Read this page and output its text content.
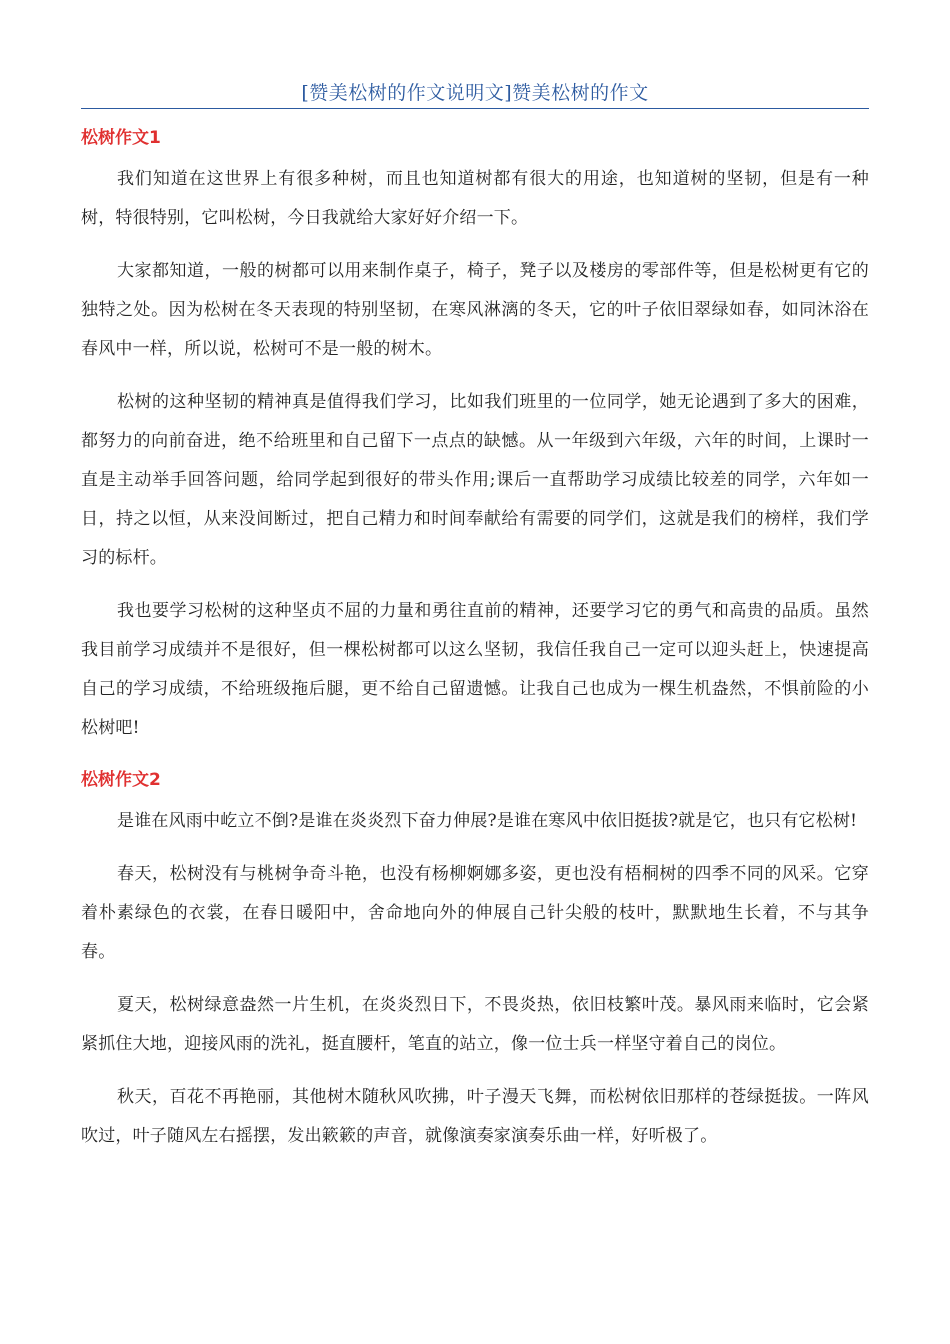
[赞美松树的作文说明文]赞美松树的作文
松树作文1

我们知道在这世界上有很多种树，而且也知道树都有很大的用途，也知道树的坚韧，但是有一种树，特很特别，它叫松树，今日我就给大家好好介绍一下。

大家都知道，一般的树都可以用来制作桌子，椅子，凳子以及楼房的零部件等，但是松树更有它的独特之处。因为松树在冬天表现的特别坚韧，在寒风淋漓的冬天，它的叶子依旧翠绿如春，如同沐浴在春风中一样，所以说，松树可不是一般的树木。

松树的这种坚韧的精神真是值得我们学习，比如我们班里的一位同学，她无论遇到了多大的困难，都努力的向前奋进，绝不给班里和自己留下一点点的缺憾。从一年级到六年级，六年的时间，上课时一直是主动举手回答问题，给同学起到很好的带头作用;课后一直帮助学习成绩比较差的同学，六年如一日，持之以恒，从来没间断过，把自己精力和时间奉献给有需要的同学们，这就是我们的榜样，我们学习的标杆。

我也要学习松树的这种坚贞不屈的力量和勇往直前的精神，还要学习它的勇气和高贵的品质。虽然我目前学习成绩并不是很好，但一棵松树都可以这么坚韧，我信任我自己一定可以迎头赶上，快速提高自己的学习成绩，不给班级拖后腿，更不给自己留遗憾。让我自己也成为一棵生机盎然，不惧前险的小松树吧!

松树作文2

是谁在风雨中屹立不倒?是谁在炎炎烈下奋力伸展?是谁在寒风中依旧挺拔?就是它，也只有它松树!

春天，松树没有与桃树争奇斗艳，也没有杨柳婀娜多姿，更也没有梧桐树的四季不同的风采。它穿着朴素绿色的衣裳，在春日暖阳中，舍命地向外的伸展自己针尖般的枝叶，默默地生长着，不与其争春。

夏天，松树绿意盎然一片生机，在炎炎烈日下，不畏炎热，依旧枝繁叶茂。暴风雨来临时，它会紧紧抓住大地，迎接风雨的洗礼，挺直腰杆，笔直的站立，像一位士兵一样坚守着自己的岗位。

秋天，百花不再艳丽，其他树木随秋风吹拂，叶子漫天飞舞，而松树依旧那样的苍绿挺拔。一阵风吹过，叶子随风左右摇摆，发出簌簌的声音，就像演奏家演奏乐曲一样，好听极了。
